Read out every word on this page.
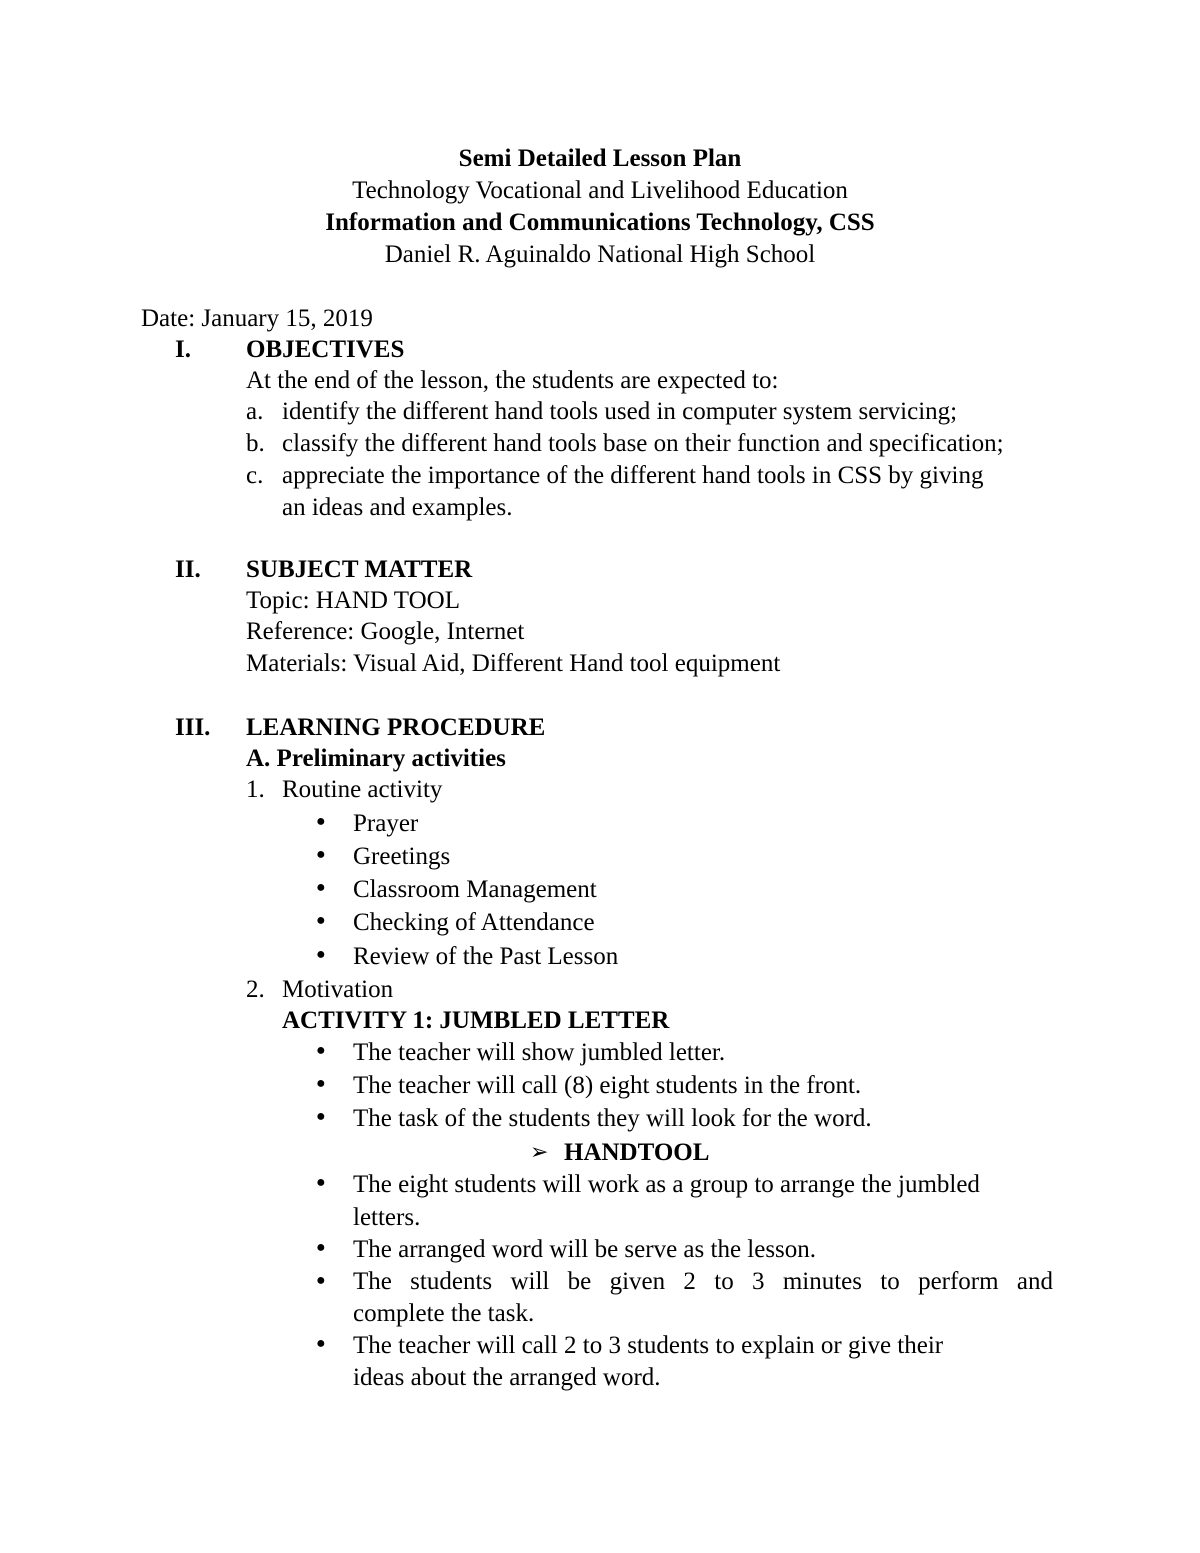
Semi Detailed Lesson Plan
Technology Vocational and Livelihood Education
Information and Communications Technology, CSS
Daniel R. Aguinaldo National High School
Date: January 15, 2019
I. OBJECTIVES
At the end of the lesson, the students are expected to:
a. identify the different hand tools used in computer system servicing;
b. classify the different hand tools base on their function and specification;
c. appreciate the importance of the different hand tools in CSS by giving
an ideas and examples.
II. SUBJECT MATTER
Topic: HAND TOOL
Reference: Google, Internet
Materials: Visual Aid, Different Hand tool equipment
III. LEARNING PROCEDURE
A. Preliminary activities
1. Routine activity
● Prayer
● Greetings
● Classroom Management
● Checking of Attendance
● Review of the Past Lesson
2. Motivation
ACTIVITY 1: JUMBLED LETTER
● The teacher will show jumbled letter.
● The teacher will call (8) eight students in the front.
● The task of the students they will look for the word.
➢ HANDTOOL
● The eight students will work as a group to arrange the jumbled
letters.
● The arranged word will be serve as the lesson.
● The students will be given 2 to 3 minutes to perform and
complete the task.
● The teacher will call 2 to 3 students to explain or give their
ideas about the arranged word.
